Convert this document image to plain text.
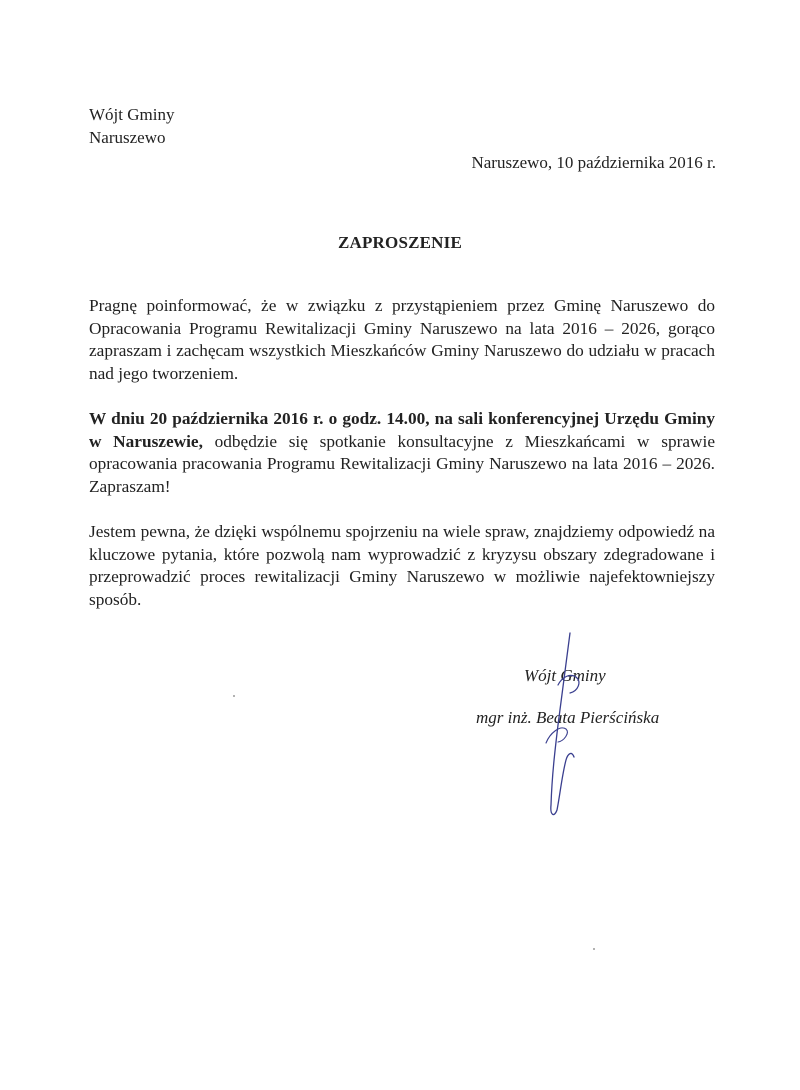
Wójt Gminy
Naruszewo
Naruszewo, 10 października 2016 r.
ZAPROSZENIE
Pragnę poinformować, że w związku z przystąpieniem przez Gminę Naruszewo do Opracowania Programu Rewitalizacji Gminy Naruszewo na lata 2016 – 2026, gorąco zapraszam i zachęcam wszystkich Mieszkańców Gminy Naruszewo do udziału w pracach nad jego tworzeniem.
W dniu 20 października 2016 r. o godz. 14.00, na sali konferencyjnej Urzędu Gminy w Naruszewie, odbędzie się spotkanie konsultacyjne z Mieszkańcami w sprawie opracowania pracowania Programu Rewitalizacji Gminy Naruszewo na lata 2016 – 2026. Zapraszam!
Jestem pewna, że dzięki wspólnemu spojrzeniu na wiele spraw, znajdziemy odpowiedź na kluczowe pytania, które pozwolą nam wyprowadzić z kryzysu obszary zdegradowane i przeprowadzić proces rewitalizacji Gminy Naruszewo w możliwie najefektowniejszy sposób.
Wójt Gminy
mgr inż. Beata Pierścińska
